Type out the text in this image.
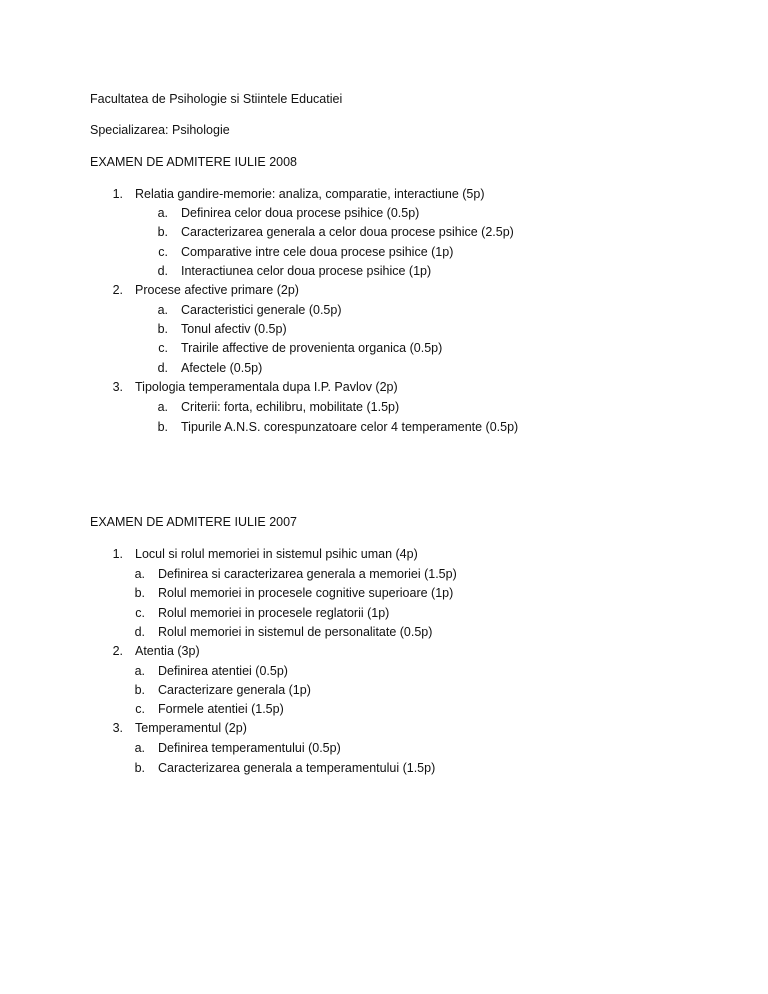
Facultatea de Psihologie si Stiintele Educatiei
Specializarea: Psihologie
EXAMEN DE ADMITERE IULIE 2008
1. Relatia gandire-memorie: analiza, comparatie, interactiune (5p)
a. Definirea celor doua procese psihice (0.5p)
b. Caracterizarea generala a celor doua procese psihice (2.5p)
c. Comparative intre cele doua procese psihice (1p)
d. Interactiunea celor doua procese psihice (1p)
2. Procese afective primare (2p)
a. Caracteristici generale (0.5p)
b. Tonul afectiv (0.5p)
c. Trairile affective de provenienta organica (0.5p)
d. Afectele (0.5p)
3. Tipologia temperamentala dupa I.P. Pavlov (2p)
a. Criterii: forta, echilibru, mobilitate (1.5p)
b. Tipurile A.N.S. corespunzatoare celor 4 temperamente (0.5p)
EXAMEN DE ADMITERE IULIE 2007
1. Locul si rolul memoriei in sistemul psihic uman (4p)
a. Definirea si caracterizarea generala a memoriei (1.5p)
b. Rolul memoriei in procesele cognitive superioare (1p)
c. Rolul memoriei in procesele reglatorii (1p)
d. Rolul memoriei in sistemul de personalitate (0.5p)
2. Atentia (3p)
a. Definirea atentiei (0.5p)
b. Caracterizare generala (1p)
c. Formele atentiei (1.5p)
3. Temperamentul (2p)
a. Definirea temperamentului (0.5p)
b. Caracterizarea generala a temperamentului (1.5p)
